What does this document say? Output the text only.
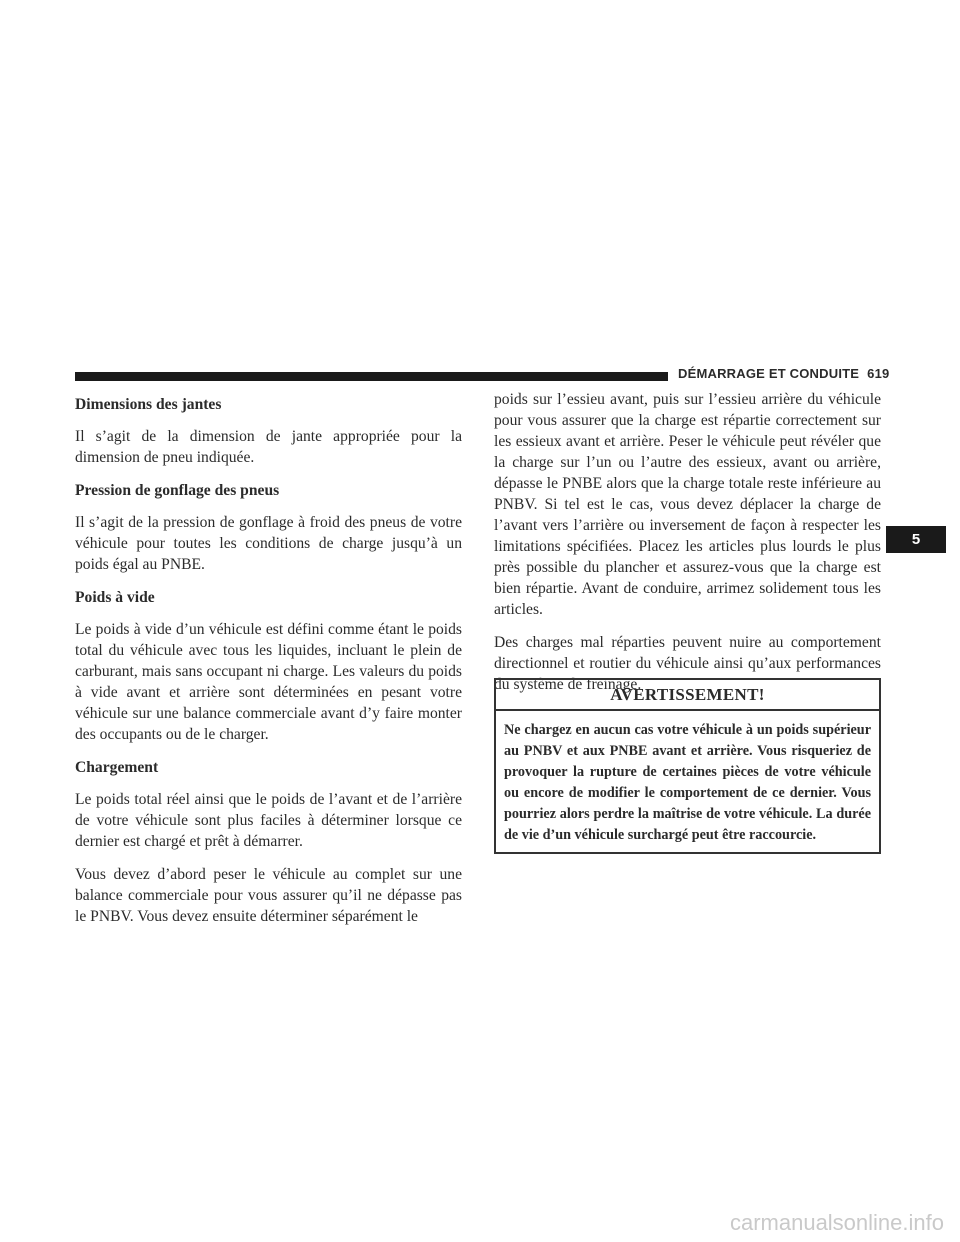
DÉMARRAGE ET CONDUITE 619
Dimensions des jantes

Il s’agit de la dimension de jante appropriée pour la dimension de pneu indiquée.

Pression de gonflage des pneus

Il s’agit de la pression de gonflage à froid des pneus de votre véhicule pour toutes les conditions de charge jusqu’à un poids égal au PNBE.

Poids à vide

Le poids à vide d’un véhicule est défini comme étant le poids total du véhicule avec tous les liquides, incluant le plein de carburant, mais sans occupant ni charge. Les valeurs du poids à vide avant et arrière sont déterminées en pesant votre véhicule sur une balance commerciale avant d’y faire monter des occupants ou de le charger.

Chargement

Le poids total réel ainsi que le poids de l’avant et de l’arrière de votre véhicule sont plus faciles à déterminer lorsque ce dernier est chargé et prêt à démarrer.

Vous devez d’abord peser le véhicule au complet sur une balance commerciale pour vous assurer qu’il ne dépasse pas le PNBV. Vous devez ensuite déterminer séparément le

poids sur l’essieu avant, puis sur l’essieu arrière du véhicule pour vous assurer que la charge est répartie correctement sur les essieux avant et arrière. Peser le véhicule peut révéler que la charge sur l’un ou l’autre des essieux, avant ou arrière, dépasse le PNBE alors que la charge totale reste inférieure au PNBV. Si tel est le cas, vous devez déplacer la charge de l’avant vers l’arrière ou inversement de façon à respecter les limitations spécifiées. Placez les articles plus lourds le plus près possible du plancher et assurez-vous que la charge est bien répartie. Avant de conduire, arrimez solidement tous les articles.

Des charges mal réparties peuvent nuire au comportement directionnel et routier du véhicule ainsi qu’aux performances du système de freinage.

AVERTISSEMENT!
Ne chargez en aucun cas votre véhicule à un poids supérieur au PNBV et aux PNBE avant et arrière. Vous risqueriez de provoquer la rupture de certaines pièces de votre véhicule ou encore de modifier le comportement de ce dernier. Vous pourriez alors perdre la maîtrise de votre véhicule. La durée de vie d’un véhicule surchargé peut être raccourcie.
5
carmanualsonline.info
